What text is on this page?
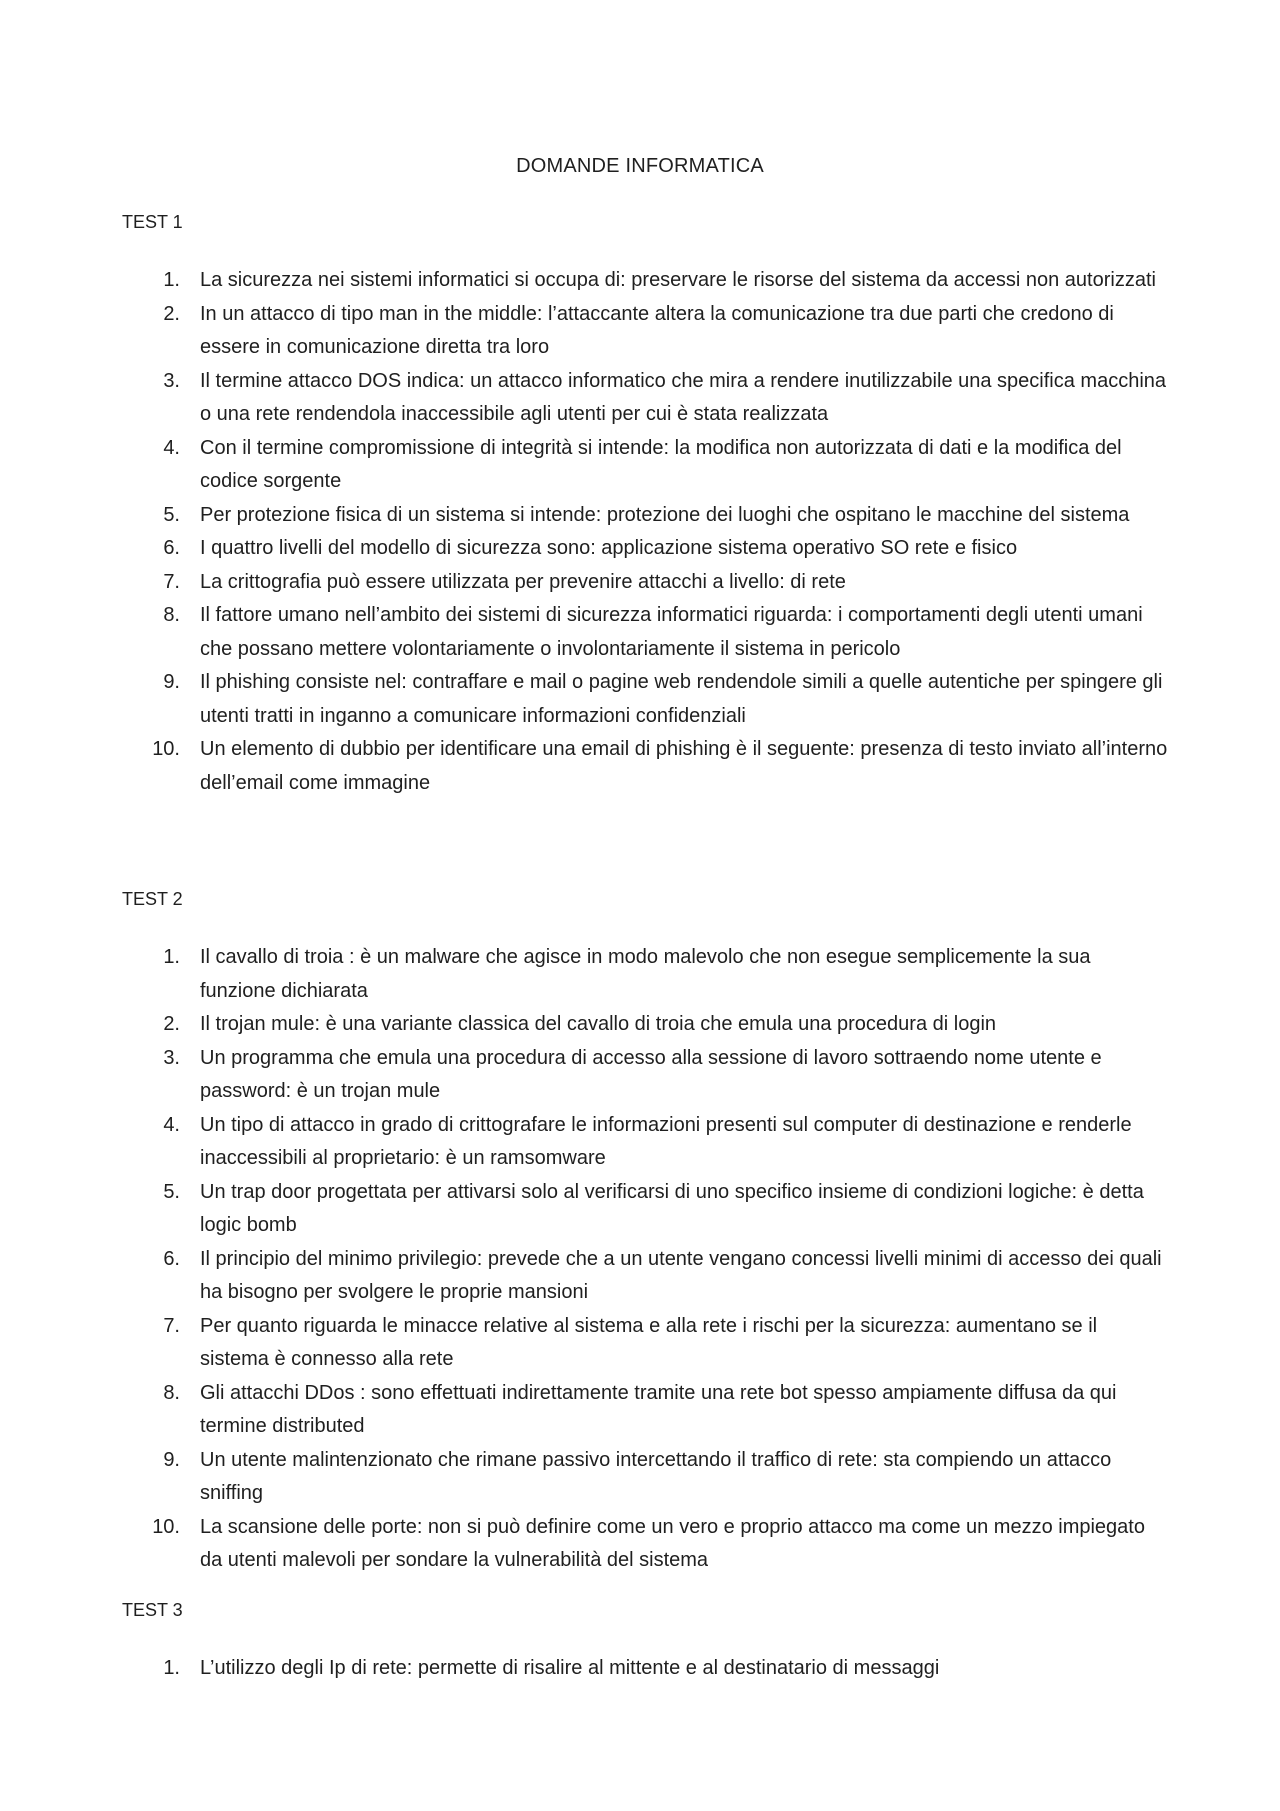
DOMANDE INFORMATICA
TEST 1
1. La sicurezza nei sistemi informatici si occupa di: preservare le risorse del sistema da accessi non autorizzati
2. In un attacco di tipo man in the middle: l’attaccante altera la comunicazione tra due parti che credono di essere in comunicazione diretta tra loro
3. Il termine attacco DOS indica: un attacco informatico che mira a rendere inutilizzabile una specifica macchina o una rete rendendola inaccessibile agli utenti per cui è stata realizzata
4. Con il termine compromissione di integrità si intende: la modifica non autorizzata di dati e la modifica del codice sorgente
5. Per protezione fisica di un sistema si intende: protezione dei luoghi che ospitano le macchine del sistema
6. I quattro livelli del modello di sicurezza sono: applicazione sistema operativo SO rete e fisico
7. La crittografia può essere utilizzata per prevenire attacchi a livello: di rete
8. Il fattore umano nell’ambito dei sistemi di sicurezza informatici riguarda: i comportamenti degli utenti umani che possano mettere volontariamente o involontariamente il sistema in pericolo
9. Il phishing consiste nel: contraffare e mail o pagine web rendendole simili a quelle autentiche per spingere gli utenti tratti in inganno a comunicare informazioni confidenziali
10. Un elemento di dubbio per identificare una email di phishing è il seguente: presenza di testo inviato all’interno dell’email come immagine
TEST 2
1. Il cavallo di troia : è un malware che agisce in modo malevolo che non esegue semplicemente la sua funzione dichiarata
2. Il trojan mule: è una variante classica del cavallo di troia che emula una procedura di login
3. Un programma che emula una procedura di accesso alla sessione di lavoro sottraendo nome utente e password: è un trojan mule
4. Un tipo di attacco in grado di crittografare le informazioni presenti sul computer di destinazione e renderle inaccessibili al proprietario: è un ramsomware
5. Un trap door progettata per attivarsi solo al verificarsi di uno specifico insieme di condizioni logiche: è detta logic bomb
6. Il principio del minimo privilegio: prevede che a un utente vengano concessi livelli minimi di accesso dei quali ha bisogno per svolgere le proprie mansioni
7. Per quanto riguarda le minacce relative al sistema e alla rete i rischi per la sicurezza: aumentano se il sistema è connesso alla rete
8. Gli attacchi DDos : sono effettuati indirettamente tramite una rete bot spesso ampiamente diffusa da qui termine distributed
9. Un utente malintenzionato che rimane passivo intercettando il traffico di rete: sta compiendo un attacco sniffing
10. La scansione delle porte: non si può definire come un vero e proprio attacco ma come un mezzo impiegato da utenti malevoli per sondare la vulnerabilità del sistema
TEST 3
1. L’utilizzo degli Ip di rete: permette di risalire al mittente e al destinatario di messaggi
